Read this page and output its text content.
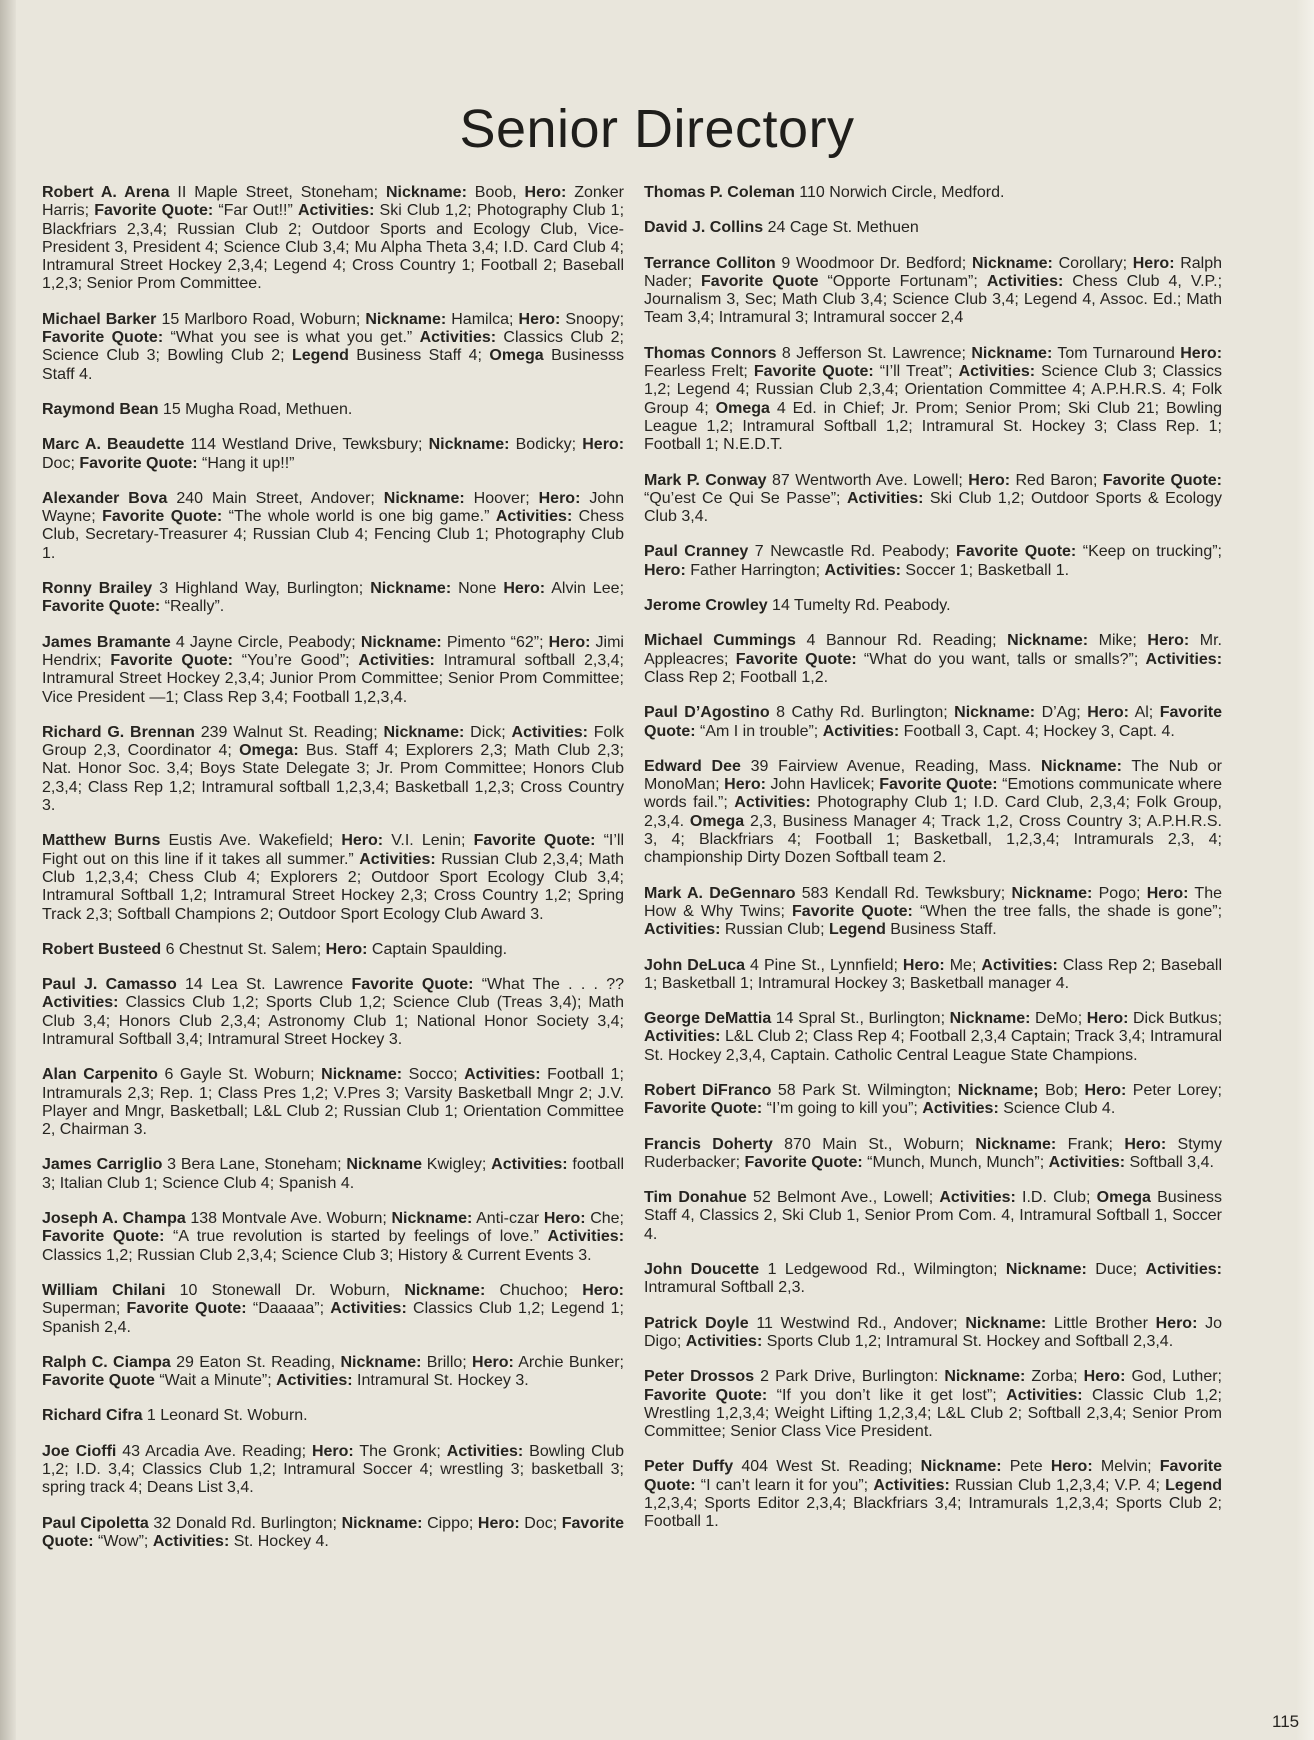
Senior Directory

Robert A. Arena II Maple Street, Stoneham; Nickname: Boob, Hero: Zonker Harris; Favorite Quote: “Far Out!!” Activities: Ski Club 1,2; Photography Club 1; Blackfriars 2,3,4; Russian Club 2; Outdoor Sports and Ecology Club, Vice-President 3, President 4; Science Club 3,4; Mu Alpha Theta 3,4; I.D. Card Club 4; Intramural Street Hockey 2,3,4; Legend 4; Cross Country 1; Football 2; Baseball 1,2,3; Senior Prom Committee.

Michael Barker 15 Marlboro Road, Woburn; Nickname: Hamilca; Hero: Snoopy; Favorite Quote: “What you see is what you get.” Activities: Classics Club 2; Science Club 3; Bowling Club 2; Legend Business Staff 4; Omega Businesss Staff 4.

Raymond Bean 15 Mugha Road, Methuen.

Marc A. Beaudette 114 Westland Drive, Tewksbury; Nickname: Bodicky; Hero: Doc; Favorite Quote: “Hang it up!!”

Alexander Bova 240 Main Street, Andover; Nickname: Hoover; Hero: John Wayne; Favorite Quote: “The whole world is one big game.” Activities: Chess Club, Secretary-Treasurer 4; Russian Club 4; Fencing Club 1; Photography Club 1.

Ronny Brailey 3 Highland Way, Burlington; Nickname: None Hero: Alvin Lee; Favorite Quote: “Really”.

James Bramante 4 Jayne Circle, Peabody; Nickname: Pimento “62”; Hero: Jimi Hendrix; Favorite Quote: “You’re Good”; Activities: Intramural softball 2,3,4; Intramural Street Hockey 2,3,4; Junior Prom Committee; Senior Prom Committee; Vice President —1; Class Rep 3,4; Football 1,2,3,4.

Richard G. Brennan 239 Walnut St. Reading; Nickname: Dick; Activities: Folk Group 2,3, Coordinator 4; Omega: Bus. Staff 4; Explorers 2,3; Math Club 2,3; Nat. Honor Soc. 3,4; Boys State Delegate 3; Jr. Prom Committee; Honors Club 2,3,4; Class Rep 1,2; Intramural softball 1,2,3,4; Basketball 1,2,3; Cross Country 3.

Matthew Burns Eustis Ave. Wakefield; Hero: V.I. Lenin; Favorite Quote: “I’ll Fight out on this line if it takes all summer.” Activities: Russian Club 2,3,4; Math Club 1,2,3,4; Chess Club 4; Explorers 2; Outdoor Sport Ecology Club 3,4; Intramural Softball 1,2; Intramural Street Hockey 2,3; Cross Country 1,2; Spring Track 2,3; Softball Champions 2; Outdoor Sport Ecology Club Award 3.

Robert Busteed 6 Chestnut St. Salem; Hero: Captain Spaulding.

Paul J. Camasso 14 Lea St. Lawrence Favorite Quote: “What The . . . ?? Activities: Classics Club 1,2; Sports Club 1,2; Science Club (Treas 3,4); Math Club 3,4; Honors Club 2,3,4; Astronomy Club 1; National Honor Society 3,4; Intramural Softball 3,4; Intramural Street Hockey 3.

Alan Carpenito 6 Gayle St. Woburn; Nickname: Socco; Activities: Football 1; Intramurals 2,3; Rep. 1; Class Pres 1,2; V.Pres 3; Varsity Basketball Mngr 2; J.V. Player and Mngr, Basketball; L&L Club 2; Russian Club 1; Orientation Committee 2, Chairman 3.

James Carriglio 3 Bera Lane, Stoneham; Nickname Kwigley; Activities: football 3; Italian Club 1; Science Club 4; Spanish 4.

Joseph A. Champa 138 Montvale Ave. Woburn; Nickname: Anti-czar Hero: Che; Favorite Quote: “A true revolution is started by feelings of love.” Activities: Classics 1,2; Russian Club 2,3,4; Science Club 3; History & Current Events 3.

William Chilani 10 Stonewall Dr. Woburn, Nickname: Chuchoo; Hero: Superman; Favorite Quote: “Daaaaa”; Activities: Classics Club 1,2; Legend 1; Spanish 2,4.

Ralph C. Ciampa 29 Eaton St. Reading, Nickname: Brillo; Hero: Archie Bunker; Favorite Quote “Wait a Minute”; Activities: Intramural St. Hockey 3.

Richard Cifra 1 Leonard St. Woburn.

Joe Cioffi 43 Arcadia Ave. Reading; Hero: The Gronk; Activities: Bowling Club 1,2; I.D. 3,4; Classics Club 1,2; Intramural Soccer 4; wrestling 3; basketball 3; spring track 4; Deans List 3,4.

Paul Cipoletta 32 Donald Rd. Burlington; Nickname: Cippo; Hero: Doc; Favorite Quote: “Wow”; Activities: St. Hockey 4.

Thomas P. Coleman 110 Norwich Circle, Medford.

David J. Collins 24 Cage St. Methuen

Terrance Colliton 9 Woodmoor Dr. Bedford; Nickname: Corollary; Hero: Ralph Nader; Favorite Quote “Opporte Fortunam”; Activities: Chess Club 4, V.P.; Journalism 3, Sec; Math Club 3,4; Science Club 3,4; Legend 4, Assoc. Ed.; Math Team 3,4; Intramural 3; Intramural soccer 2,4

Thomas Connors 8 Jefferson St. Lawrence; Nickname: Tom Turnaround Hero: Fearless Frelt; Favorite Quote: “I’ll Treat”; Activities: Science Club 3; Classics 1,2; Legend 4; Russian Club 2,3,4; Orientation Committee 4; A.P.H.R.S. 4; Folk Group 4; Omega 4 Ed. in Chief; Jr. Prom; Senior Prom; Ski Club 21; Bowling League 1,2; Intramural Softball 1,2; Intramural St. Hockey 3; Class Rep. 1; Football 1; N.E.D.T.

Mark P. Conway 87 Wentworth Ave. Lowell; Hero: Red Baron; Favorite Quote: “Qu’est Ce Qui Se Passe”; Activities: Ski Club 1,2; Outdoor Sports & Ecology Club 3,4.

Paul Cranney 7 Newcastle Rd. Peabody; Favorite Quote: “Keep on trucking”; Hero: Father Harrington; Activities: Soccer 1; Basketball 1.

Jerome Crowley 14 Tumelty Rd. Peabody.

Michael Cummings 4 Bannour Rd. Reading; Nickname: Mike; Hero: Mr. Appleacres; Favorite Quote: “What do you want, talls or smalls?”; Activities: Class Rep 2; Football 1,2.

Paul D’Agostino 8 Cathy Rd. Burlington; Nickname: D’Ag; Hero: Al; Favorite Quote: “Am I in trouble”; Activities: Football 3, Capt. 4; Hockey 3, Capt. 4.

Edward Dee 39 Fairview Avenue, Reading, Mass. Nickname: The Nub or MonoMan; Hero: John Havlicek; Favorite Quote: “Emotions communicate where words fail.”; Activities: Photography Club 1; I.D. Card Club, 2,3,4; Folk Group, 2,3,4. Omega 2,3, Business Manager 4; Track 1,2, Cross Country 3; A.P.H.R.S. 3, 4; Blackfriars 4; Football 1; Basketball, 1,2,3,4; Intramurals 2,3, 4; championship Dirty Dozen Softball team 2.

Mark A. DeGennaro 583 Kendall Rd. Tewksbury; Nickname: Pogo; Hero: The How & Why Twins; Favorite Quote: “When the tree falls, the shade is gone”; Activities: Russian Club; Legend Business Staff.

John DeLuca 4 Pine St., Lynnfield; Hero: Me; Activities: Class Rep 2; Baseball 1; Basketball 1; Intramural Hockey 3; Basketball manager 4.

George DeMattia 14 Spral St., Burlington; Nickname: DeMo; Hero: Dick Butkus; Activities: L&L Club 2; Class Rep 4; Football 2,3,4 Captain; Track 3,4; Intramural St. Hockey 2,3,4, Captain. Catholic Central League State Champions.

Robert DiFranco 58 Park St. Wilmington; Nickname; Bob; Hero: Peter Lorey; Favorite Quote: “I’m going to kill you”; Activities: Science Club 4.

Francis Doherty 870 Main St., Woburn; Nickname: Frank; Hero: Stymy Ruderbacker; Favorite Quote: “Munch, Munch, Munch”; Activities: Softball 3,4.

Tim Donahue 52 Belmont Ave., Lowell; Activities: I.D. Club; Omega Business Staff 4, Classics 2, Ski Club 1, Senior Prom Com. 4, Intramural Softball 1, Soccer 4.

John Doucette 1 Ledgewood Rd., Wilmington; Nickname: Duce; Activities: Intramural Softball 2,3.

Patrick Doyle 11 Westwind Rd., Andover; Nickname: Little Brother Hero: Jo Digo; Activities: Sports Club 1,2; Intramural St. Hockey and Softball 2,3,4.

Peter Drossos 2 Park Drive, Burlington: Nickname: Zorba; Hero: God, Luther; Favorite Quote: “If you don’t like it get lost”; Activities: Classic Club 1,2; Wrestling 1,2,3,4; Weight Lifting 1,2,3,4; L&L Club 2; Softball 2,3,4; Senior Prom Committee; Senior Class Vice President.

Peter Duffy 404 West St. Reading; Nickname: Pete Hero: Melvin; Favorite Quote: “I can’t learn it for you”; Activities: Russian Club 1,2,3,4; V.P. 4; Legend 1,2,3,4; Sports Editor 2,3,4; Blackfriars 3,4; Intramurals 1,2,3,4; Sports Club 2; Football 1.

115
